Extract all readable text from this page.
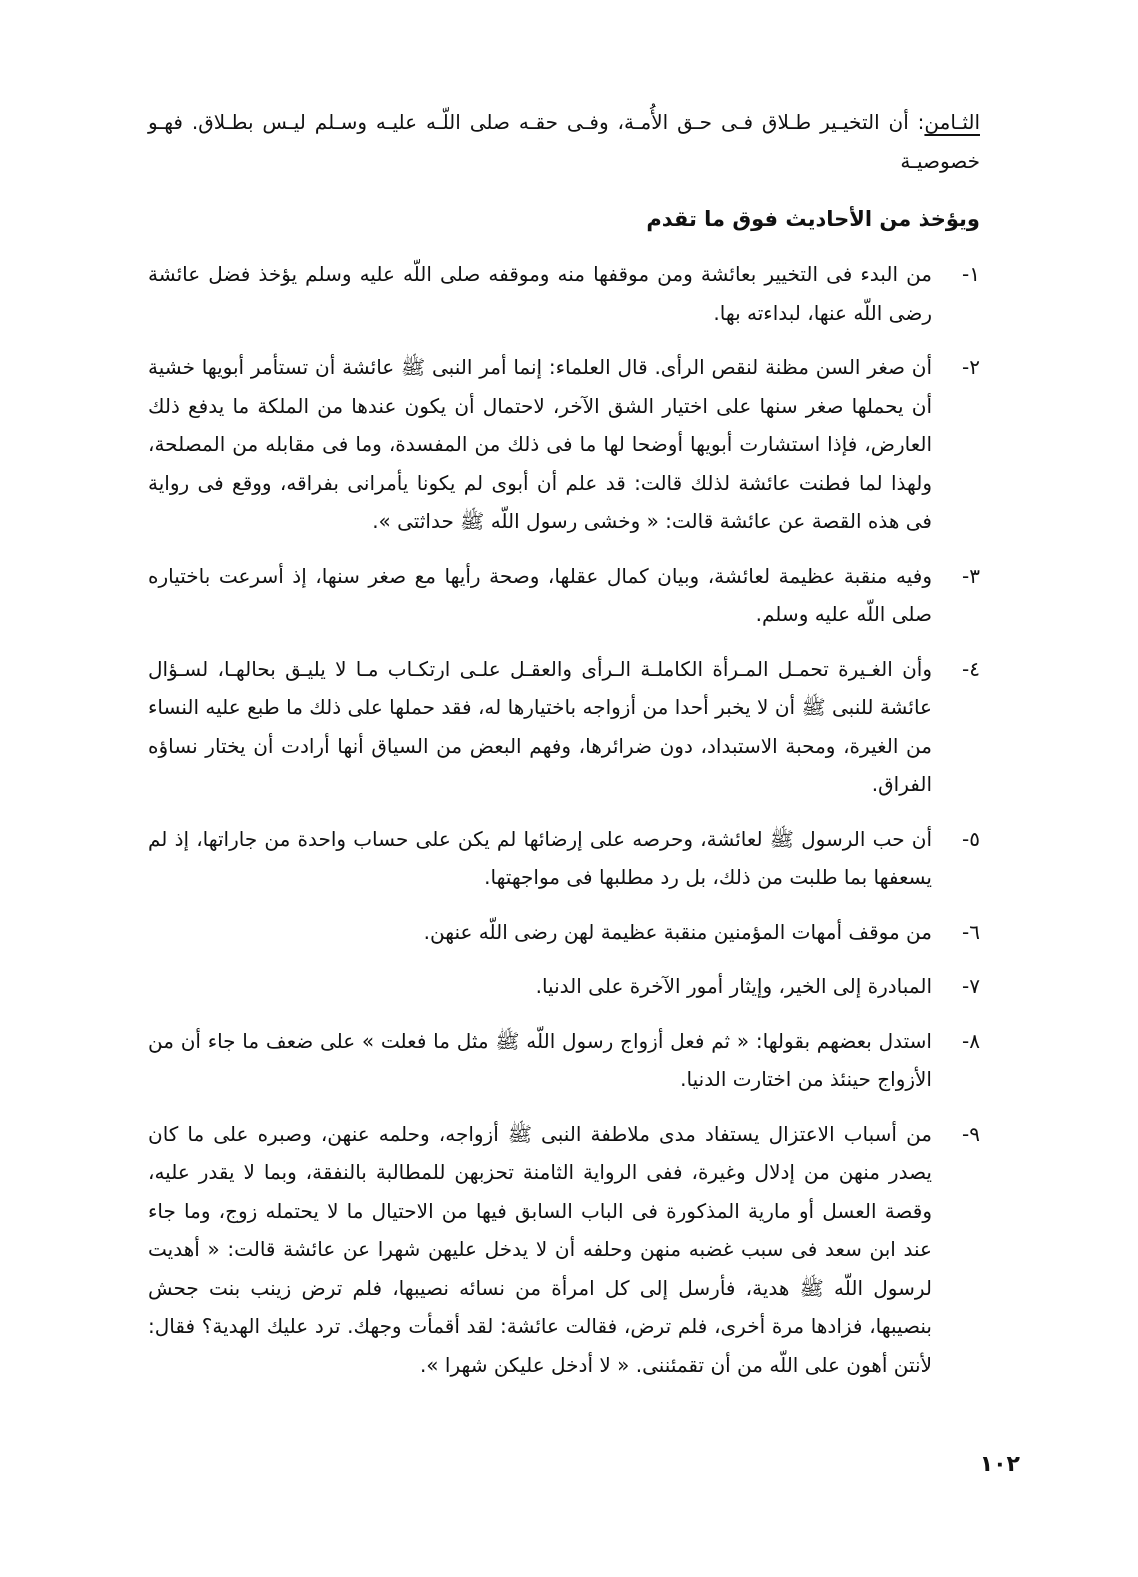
الثـامن: أن التخيـير طـلاق فـى حـق الأُمـة، وفـى حقـه صلى اللّـه عليـه وسـلم ليـس بطـلاق. فهـو خصوصيـة
ويؤخذ من الأحاديث فوق ما تقدم
١-
من البدء فى التخيير بعائشة ومن موقفها منه وموقفه صلى اللّه عليه وسلم يؤخذ فضل عائشة رضى اللّه عنها، لبداءته بها.
٢-
أن صغر السن مظنة لنقص الرأى. قال العلماء: إنما أمر النبى ﷺ عائشة أن تستأمر أبويها خشية أن يحملها صغر سنها على اختيار الشق الآخر، لاحتمال أن يكون عندها من الملكة ما يدفع ذلك العارض، فإذا استشارت أبويها أوضحا لها ما فى ذلك من المفسدة، وما فى مقابله من المصلحة، ولهذا لما فطنت عائشة لذلك قالت: قد علم أن أبوى لم يكونا يأمرانى بفراقه، ووقع فى رواية فى هذه القصة عن عائشة قالت: « وخشى رسول اللّه ﷺ حداثتى ».
٣-
وفيه منقبة عظيمة لعائشة، وبيان كمال عقلها، وصحة رأيها مع صغر سنها، إذ أسرعت باختياره صلى اللّه عليه وسلم.
٤-
وأن الغـيرة تحمـل المـرأة الكاملـة الـرأى والعقـل علـى ارتكـاب مـا لا يليـق بحالهـا، لسـؤال عائشة للنبى ﷺ أن لا يخبر أحدا من أزواجه باختيارها له، فقد حملها على ذلك ما طبع عليه النساء من الغيرة، ومحبة الاستبداد، دون ضرائرها، وفهم البعض من السياق أنها أرادت أن يختار نساؤه الفراق.
٥-
أن حب الرسول ﷺ لعائشة، وحرصه على إرضائها لم يكن على حساب واحدة من جاراتها، إذ لم يسعفها بما طلبت من ذلك، بل رد مطلبها فى مواجهتها.
٦-
من موقف أمهات المؤمنين منقبة عظيمة لهن رضى اللّه عنهن.
٧-
المبادرة إلى الخير، وإيثار أمور الآخرة على الدنيا.
٨-
استدل بعضهم بقولها: « ثم فعل أزواج رسول اللّه ﷺ مثل ما فعلت » على ضعف ما جاء أن من الأزواج حينئذ من اختارت الدنيا.
٩-
من أسباب الاعتزال يستفاد مدى ملاطفة النبى ﷺ أزواجه، وحلمه عنهن، وصبره على ما كان يصدر منهن من إدلال وغيرة، ففى الرواية الثامنة تحزبهن للمطالبة بالنفقة، وبما لا يقدر عليه، وقصة العسل أو مارية المذكورة فى الباب السابق فيها من الاحتيال ما لا يحتمله زوج، وما جاء عند ابن سعد فى سبب غضبه منهن وحلفه أن لا يدخل عليهن شهرا عن عائشة قالت: « أهديت لرسول اللّه ﷺ هدية، فأرسل إلى كل امرأة من نسائه نصيبها، فلم ترض زينب بنت جحش بنصيبها، فزادها مرة أخرى، فلم ترض، فقالت عائشة: لقد أقمأت وجهك. ترد عليك الهدية؟ فقال: لأنتن أهون على اللّه من أن تقمئننى. « لا أدخل عليكن شهرا ».
١٠٢
